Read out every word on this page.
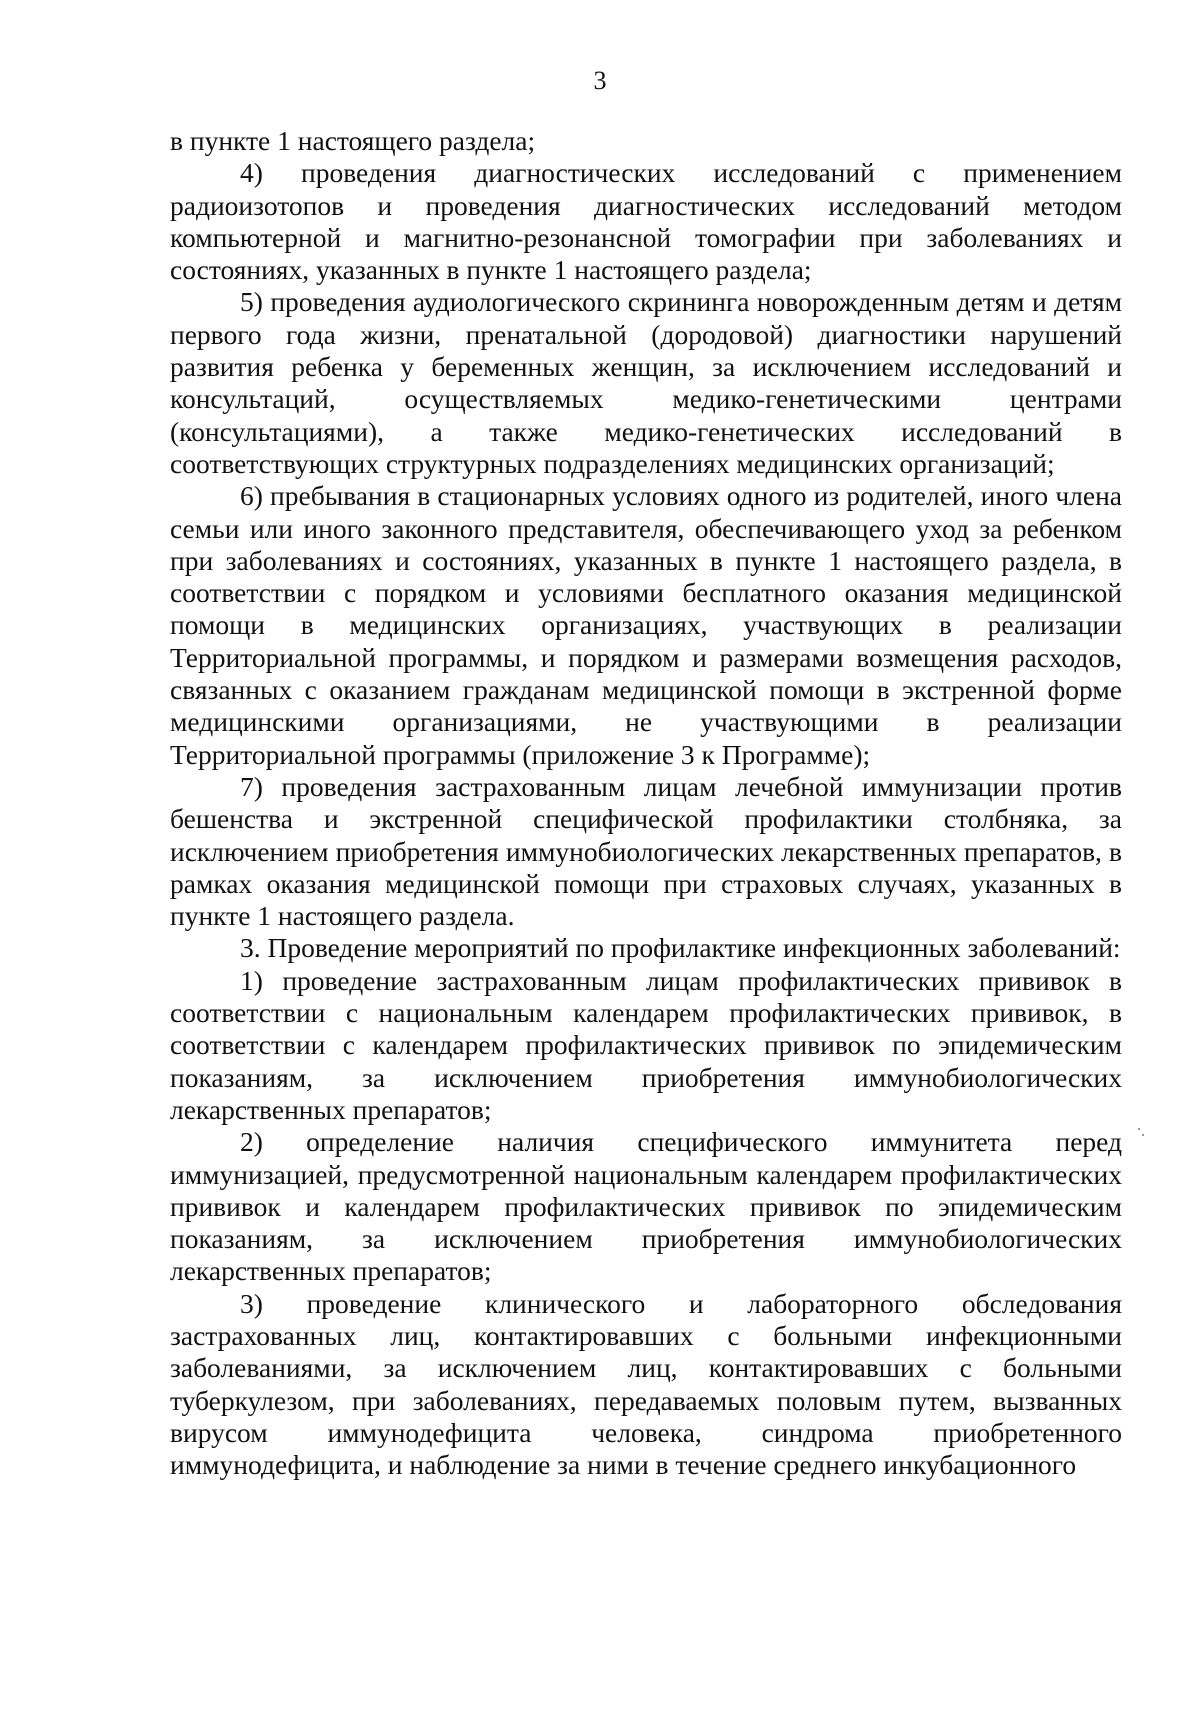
3

в пункте 1 настоящего раздела;

4) проведения диагностических исследований с применением радиоизотопов и проведения диагностических исследований методом компьютерной и магнитно-резонансной томографии при заболеваниях и состояниях, указанных в пункте 1 настоящего раздела;

5) проведения аудиологического скрининга новорожденным детям и детям первого года жизни, пренатальной (дородовой) диагностики нарушений развития ребенка у беременных женщин, за исключением исследований и консультаций, осуществляемых медико-генетическими центрами (консультациями), а также медико-генетических исследований в соответствующих структурных подразделениях медицинских организаций;

6) пребывания в стационарных условиях одного из родителей, иного члена семьи или иного законного представителя, обеспечивающего уход за ребенком при заболеваниях и состояниях, указанных в пункте 1 настоящего раздела, в соответствии с порядком и условиями бесплатного оказания медицинской помощи в медицинских организациях, участвующих в реализации Территориальной программы, и порядком и размерами возмещения расходов, связанных с оказанием гражданам медицинской помощи в экстренной форме медицинскими организациями, не участвующими в реализации Территориальной программы (приложение 3 к Программе);

7) проведения застрахованным лицам лечебной иммунизации против бешенства и экстренной специфической профилактики столбняка, за исключением приобретения иммунобиологических лекарственных препаратов, в рамках оказания медицинской помощи при страховых случаях, указанных в пункте 1 настоящего раздела.

3. Проведение мероприятий по профилактике инфекционных заболеваний:

1) проведение застрахованным лицам профилактических прививок в соответствии с национальным календарем профилактических прививок, в соответствии с календарем профилактических прививок по эпидемическим показаниям, за исключением приобретения иммунобиологических лекарственных препаратов;

2) определение наличия специфического иммунитета перед иммунизацией, предусмотренной национальным календарем профилактических прививок и календарем профилактических прививок по эпидемическим показаниям, за исключением приобретения иммунобиологических лекарственных препаратов;

3) проведение клинического и лабораторного обследования застрахованных лиц, контактировавших с больными инфекционными заболеваниями, за исключением лиц, контактировавших с больными туберкулезом, при заболеваниях, передаваемых половым путем, вызванных вирусом иммунодефицита человека, синдрома приобретенного иммунодефицита, и наблюдение за ними в течение среднего инкубационного
